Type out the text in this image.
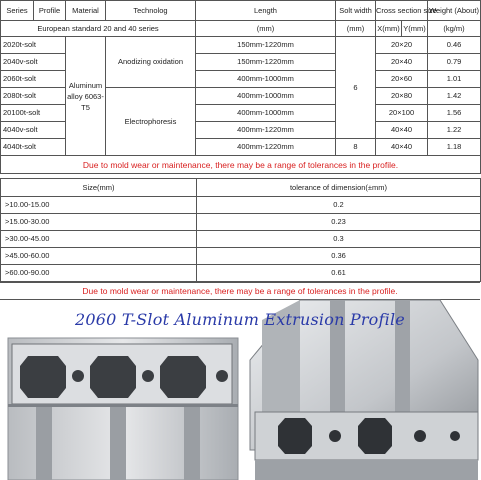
Series	Profile	Material	Technolog	Length	Solt width	Cross section size		Weight (About)
European standard 20 and 40 series				(mm)	(mm)	X(mm)	Y(mm)	(kg/m)
2020t-solt		Aluminum alloy 6063-T5	Anodizing oxidation	150mm-1220mm	6	20×20		0.46
2040v-solt				150mm-1220mm		20×40		0.79
2060t-solt				400mm-1000mm		20×60		1.01
2080t-solt			Electrophoresis	400mm-1000mm		20×80		1.42
20100t-solt				400mm-1000mm		20×100		1.56
4040v-solt				400mm-1220mm		40×40		1.22
4040t-solt				400mm-1220mm	8	40×40		1.18
Due to mold wear or maintenance, there may be a range of tolerances in the profile.								
Size(mm)	tolerance of dimension(±mm)
>10.00-15.00	0.2
>15.00-30.00	0.23
>30.00-45.00	0.3
>45.00-60.00	0.36
>60.00-90.00	0.61
Due to mold wear or maintenance, there may be a range of tolerances in the profile.
2060 T-Slot Aluminum Extrusion Profile
